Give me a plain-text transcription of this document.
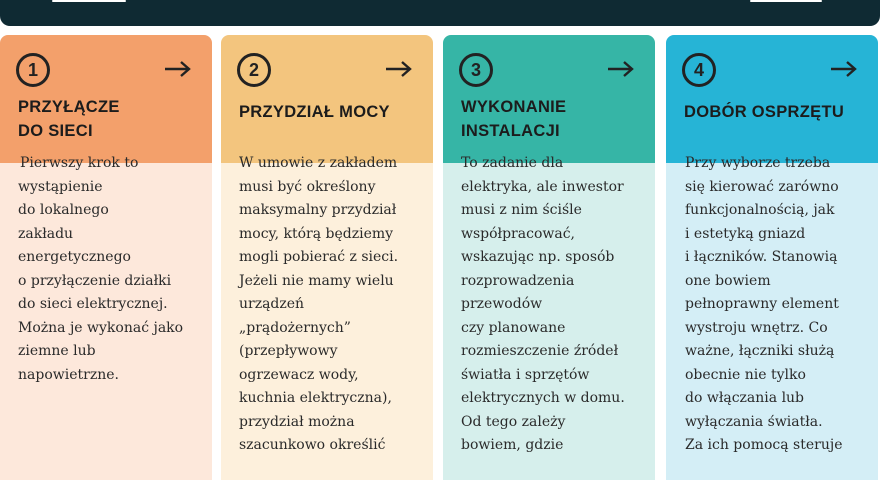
1
PRZYŁĄCZE
DO SIECI
Pierwszy krok to
wystąpienie
do lokalnego
zakładu
energetycznego
o przyłączenie działki
do sieci elektrycznej.
Można je wykonać jako
ziemne lub
napowietrzne.
2
PRZYDZIAŁ MOCY
W umowie z zakładem
musi być określony
maksymalny przydział
mocy, którą będziemy
mogli pobierać z sieci.
Jeżeli nie mamy wielu
urządzeń
„prądożernych”
(przepływowy
ogrzewacz wody,
kuchnia elektryczna),
przydział można
szacunkowo określić
3
WYKONANIE
INSTALACJI
To zadanie dla
elektryka, ale inwestor
musi z nim ściśle
współpracować,
wskazując np. sposób
rozprowadzenia
przewodów
czy planowane
rozmieszczenie źródeł
światła i sprzętów
elektrycznych w domu.
Od tego zależy
bowiem, gdzie
4
DOBÓR OSPRZĘTU
Przy wyborze trzeba
się kierować zarówno
funkcjonalnością, jak
i estetyką gniazd
i łączników. Stanowią
one bowiem
pełnoprawny element
wystroju wnętrz. Co
ważne, łączniki służą
obecnie nie tylko
do włączania lub
wyłączania światła.
Za ich pomocą steruje
